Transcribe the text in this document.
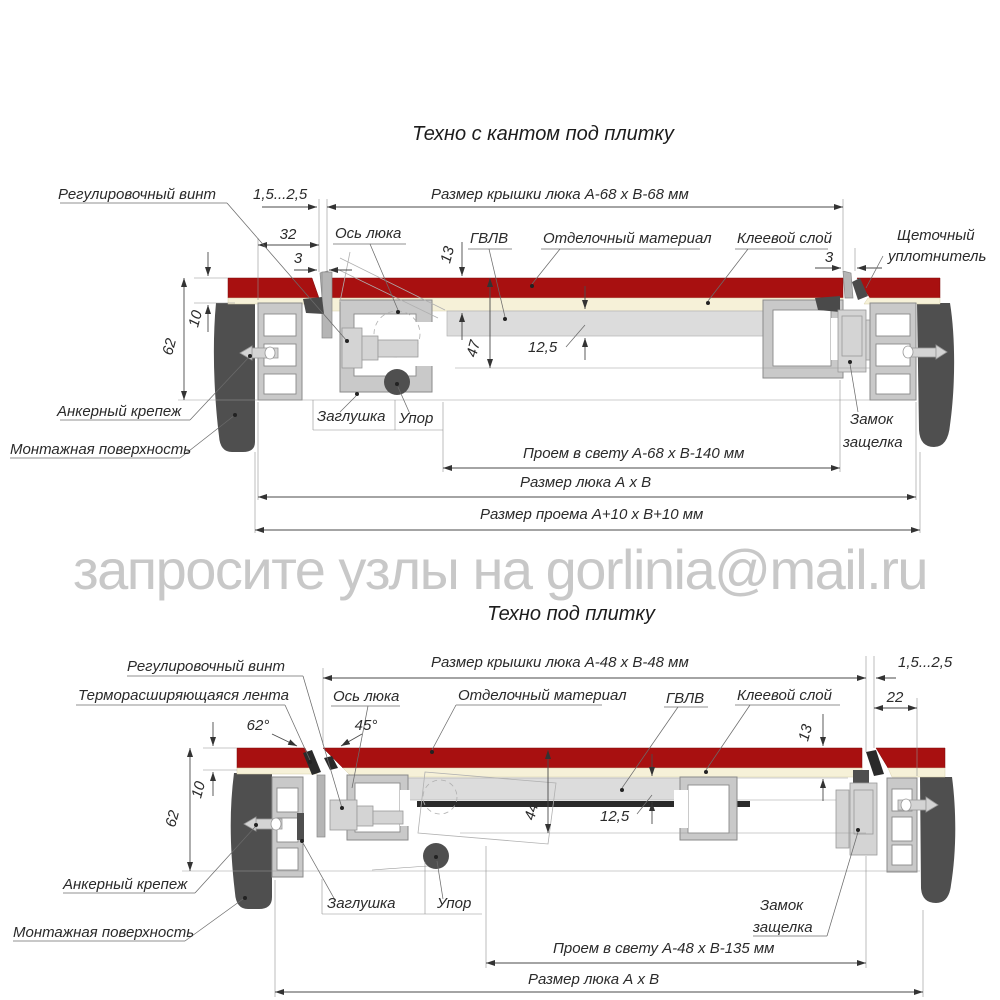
Техно с кантом под плитку
Регулировочный винт 1,5...2,5	Размер крышки люка А-68 х В-68 мм
32
3
Ось люка	ГВЛВ Отделочный материал Клеевой слой
3
Щеточный
уплотнитель
13
10
62	47	12,5
Анкерный крепеж
Монтажная поверхность
Заглушка Упор	Замок
защелка
Проем в свету А-68 х В-140 мм
Размер люка А х В
Размер проема А+10 х В+10 мм
запросите узлы на gorlinia@mail.ru
Техно под плитку
Регулировочный винт
Терморасширяющаяся лента	Ось люка
62°	45°
Отделочный материал	ГВЛВ Клеевой слой
Размер крышки люка А-48 х В-48 мм	1,5...2,5
22
13
10
62	44	12,5
Анкерный крепеж
Монтажная поверхность
Заглушка	Упор	Замок
защелка
Проем в свету А-48 х В-135 мм
Размер люка А х В
